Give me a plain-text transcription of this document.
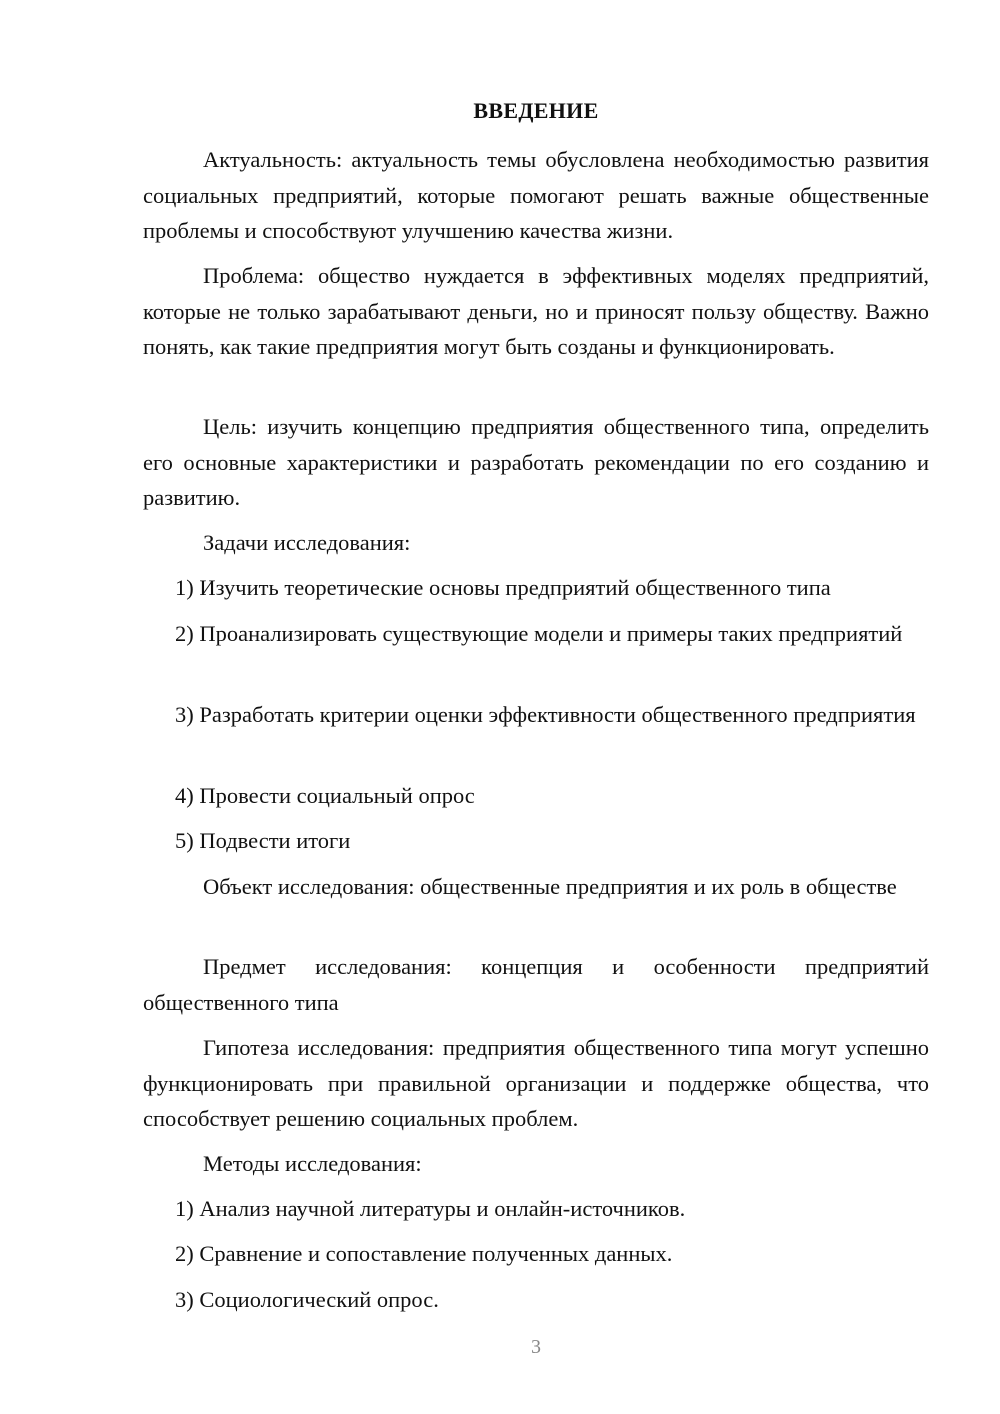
ВВЕДЕНИЕ

Актуальность: актуальность темы обусловлена необходимостью развития социальных предприятий, которые помогают решать важные общественные проблемы и способствуют улучшению качества жизни.

Проблема: общество нуждается в эффективных моделях предприятий, которые не только зарабатывают деньги, но и приносят пользу обществу. Важно понять, как такие предприятия могут быть созданы и функционировать.

Цель: изучить концепцию предприятия общественного типа, определить его основные характеристики и разработать рекомендации по его созданию и развитию.

Задачи исследования:

1) Изучить теоретические основы предприятий общественного типа

2) Проанализировать существующие модели и примеры таких предприятий

3) Разработать критерии оценки эффективности общественного предприятия

4) Провести социальный опрос

5) Подвести итоги

Объект исследования: общественные предприятия и их роль в обществе

Предмет исследования: концепция и особенности предприятий общественного типа

Гипотеза исследования: предприятия общественного типа могут успешно функционировать при правильной организации и поддержке общества, что способствует решению социальных проблем.

Методы исследования:

1) Анализ научной литературы и онлайн-источников.

2) Сравнение и сопоставление полученных данных.

3) Социологический опрос.

3
